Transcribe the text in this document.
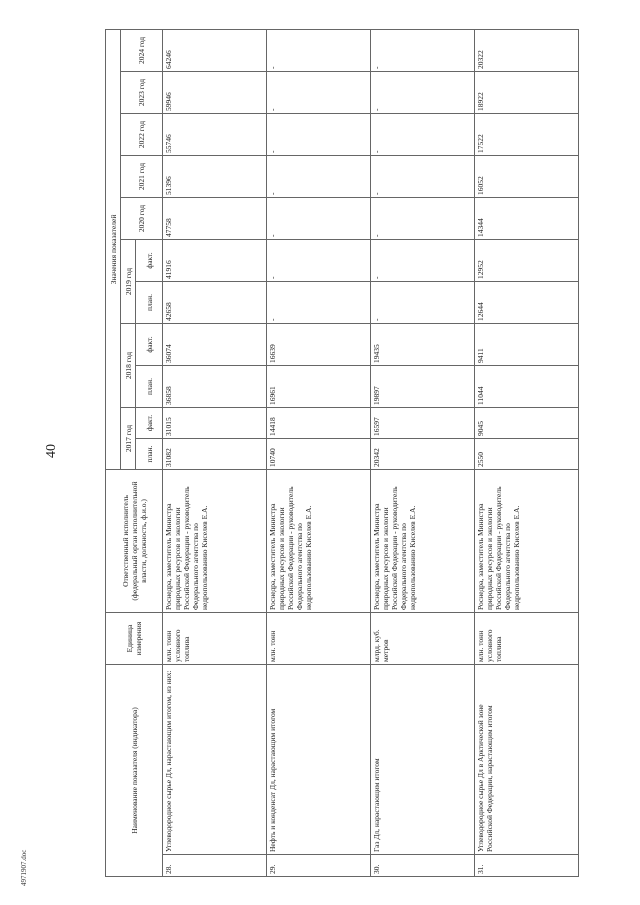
40
4971907.doc
Наименование показателя (индикатора)		Единица измерения	Ответственный исполнитель (федеральный орган исполнительной власти, должность, ф.и.о.)	Значения показателей										
				2017 год		2018 год		2019 год		2020 год	2021 год	2022 год	2023 год	2024 год
				план.	факт.	план.	факт.	план.	факт.					
28.	Углеводородное сырье Дл, нарастающим итогом, из них:	млн. тонн условного топлива	Роснедра, заместитель Министра природных ресурсов и экологии Российской Федерации - руководитель Федерального агентства по недропользованию Киселев Е.А.	31082	31015	36858	36074	42658	41916	47758	51396	55746	59946	64246
29.	Нефть и конденсат Дл, нарастающим итогом	млн. тонн	Роснедра, заместитель Министра природных ресурсов и экологии Российской Федерации - руководитель Федерального агентства по недропользованию Киселев Е.А.	10740	14418	16961	16639	-	-	-	-	-	-	-
30.	Газ Дл, нарастающим итогом	млрд. куб. метров	Роснедра, заместитель Министра природных ресурсов и экологии Российской Федерации - руководитель Федерального агентства по недропользованию Киселев Е.А.	20342	16597	19897	19435	-	-	-	-	-	-	-
31.	Углеводородное сырье Дл в Арктической зоне Российской Федерации, нарастающим итогом	млн. тонн условного топлива	Роснедра, заместитель Министра природных ресурсов и экологии Российской Федерации - руководитель Федерального агентства по недропользованию Киселев Е.А.	2550	9045	11044	9411	12644	12952	14344	16052	17522	18922	20322
